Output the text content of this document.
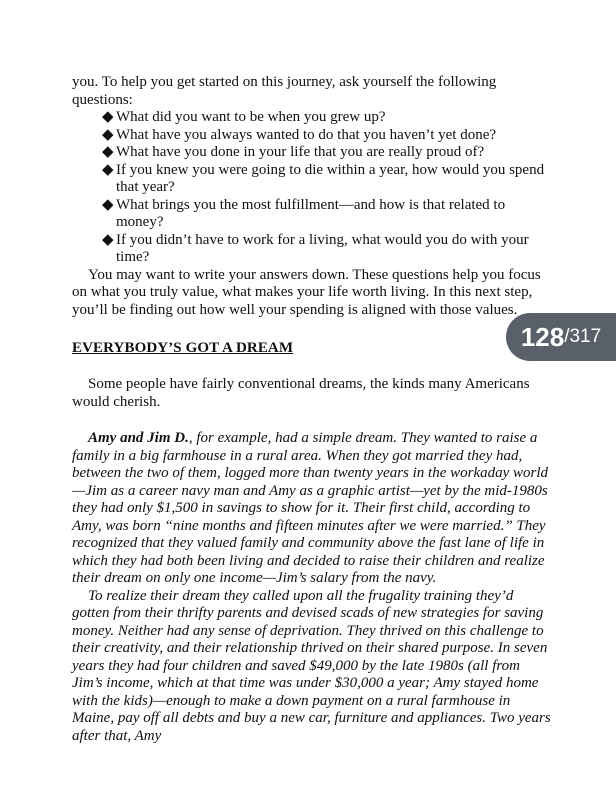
you. To help you get started on this journey, ask yourself the following questions:

◆ What did you want to be when you grew up?
◆ What have you always wanted to do that you haven’t yet done?
◆ What have you done in your life that you are really proud of?
◆ If you knew you were going to die within a year, how would you spend that year?
◆ What brings you the most fulfillment—and how is that related to money?
◆ If you didn’t have to work for a living, what would you do with your time?

You may want to write your answers down. These questions help you focus on what you truly value, what makes your life worth living. In this next step, you’ll be finding out how well your spending is aligned with those values.

EVERYBODY’S GOT A DREAM	128 /317

Some people have fairly conventional dreams, the kinds many Americans would cherish.

Amy and Jim D., for example, had a simple dream. They wanted to raise a family in a big farmhouse in a rural area. When they got married they had, between the two of them, logged more than twenty years in the workaday world—Jim as a career navy man and Amy as a graphic artist—yet by the mid-1980s they had only $1,500 in savings to show for it. Their first child, according to Amy, was born “nine months and fifteen minutes after we were married.” They recognized that they valued family and community above the fast lane of life in which they had both been living and decided to raise their children and realize their dream on only one income—Jim’s salary from the navy.

To realize their dream they called upon all the frugality training they’d gotten from their thrifty parents and devised scads of new strategies for saving money. Neither had any sense of deprivation. They thrived on this challenge to their creativity, and their relationship thrived on their shared purpose. In seven years they had four children and saved $49,000 by the late 1980s (all from Jim’s income, which at that time was under $30,000 a year; Amy stayed home with the kids)—enough to make a down payment on a rural farmhouse in Maine, pay off all debts and buy a new car, furniture and appliances. Two years after that, Amy
